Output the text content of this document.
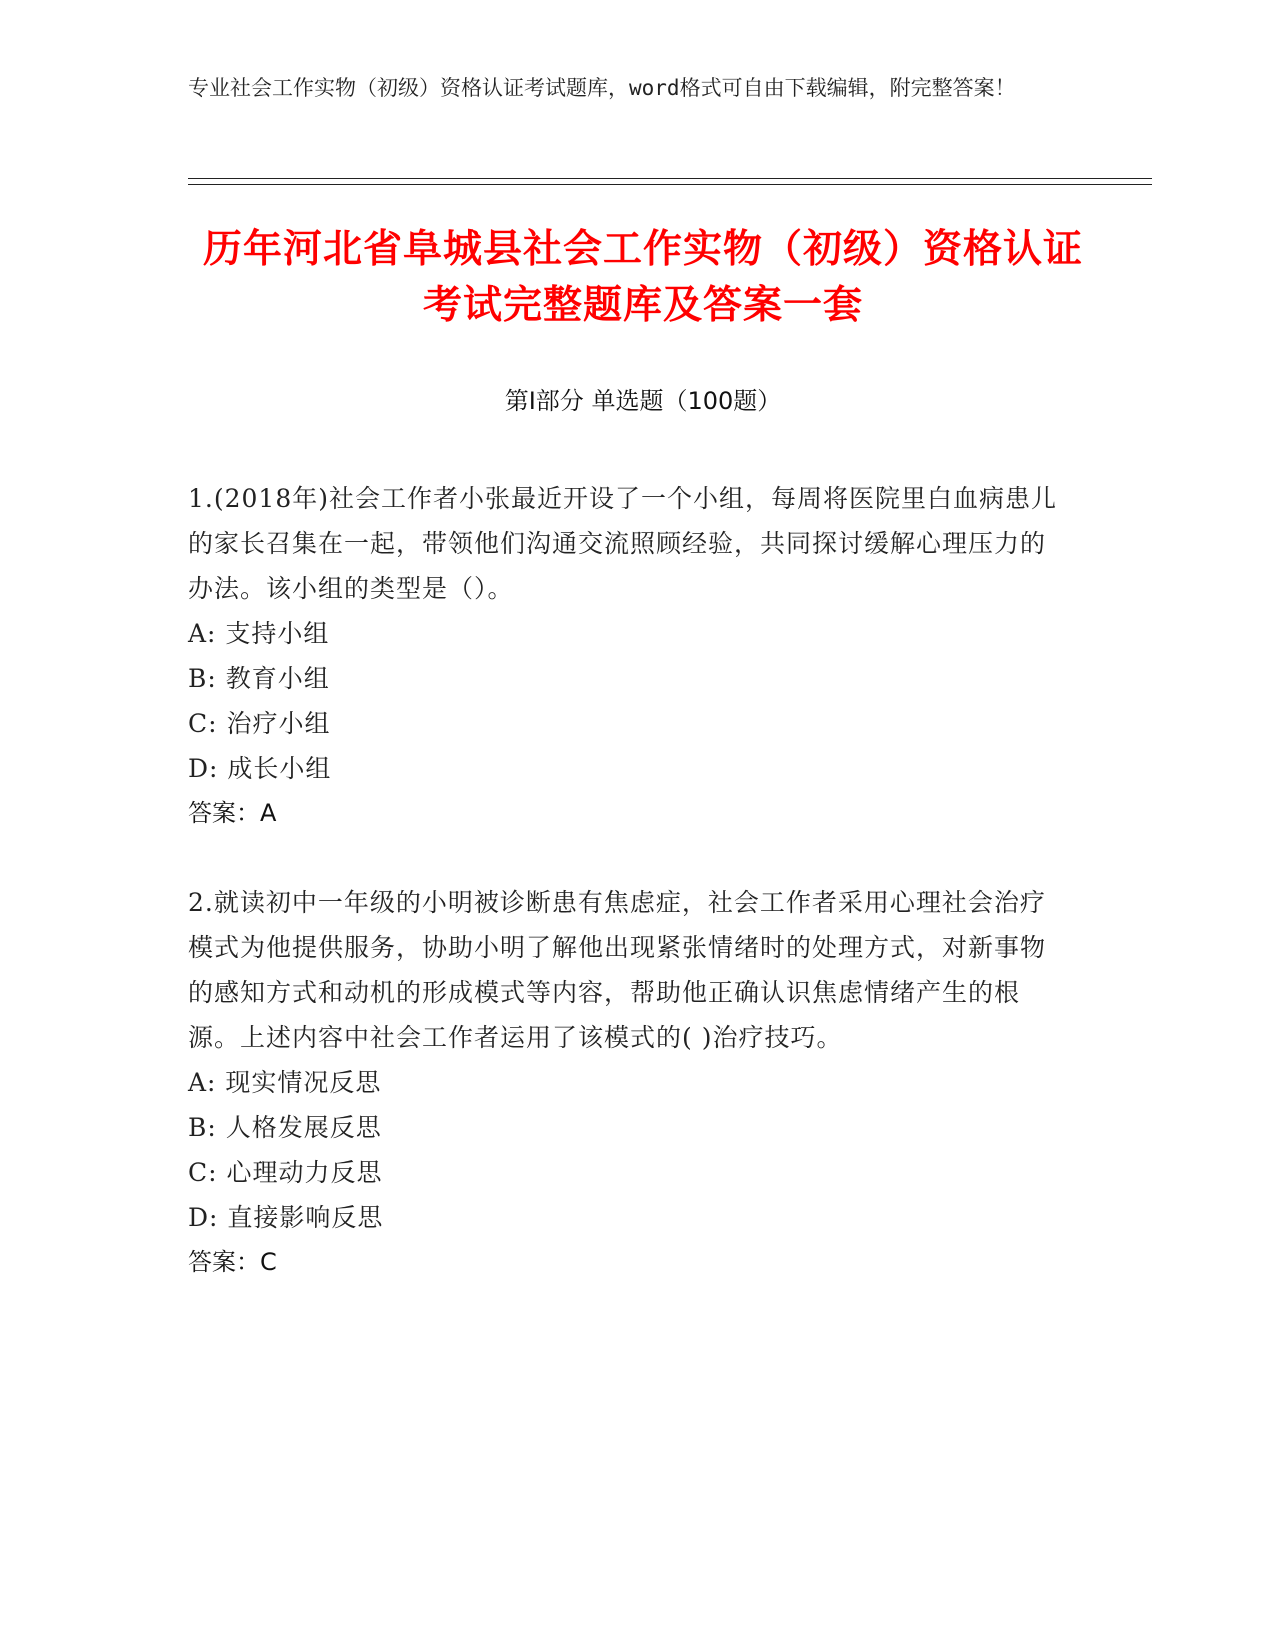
专业社会工作实物（初级）资格认证考试题库，word格式可自由下载编辑，附完整答案！
历年河北省阜城县社会工作实物（初级）资格认证考试完整题库及答案一套
第Ⅰ部分 单选题（100题）
1.(2018年)社会工作者小张最近开设了一个小组，每周将医院里白血病患儿的家长召集在一起，带领他们沟通交流照顾经验，共同探讨缓解心理压力的办法。该小组的类型是（）。
A: 支持小组
B: 教育小组
C: 治疗小组
D: 成长小组
答案：A
2.就读初中一年级的小明被诊断患有焦虑症，社会工作者采用心理社会治疗模式为他提供服务，协助小明了解他出现紧张情绪时的处理方式，对新事物的感知方式和动机的形成模式等内容，帮助他正确认识焦虑情绪产生的根源。上述内容中社会工作者运用了该模式的( )治疗技巧。
A: 现实情况反思
B: 人格发展反思
C: 心理动力反思
D: 直接影响反思
答案：C
